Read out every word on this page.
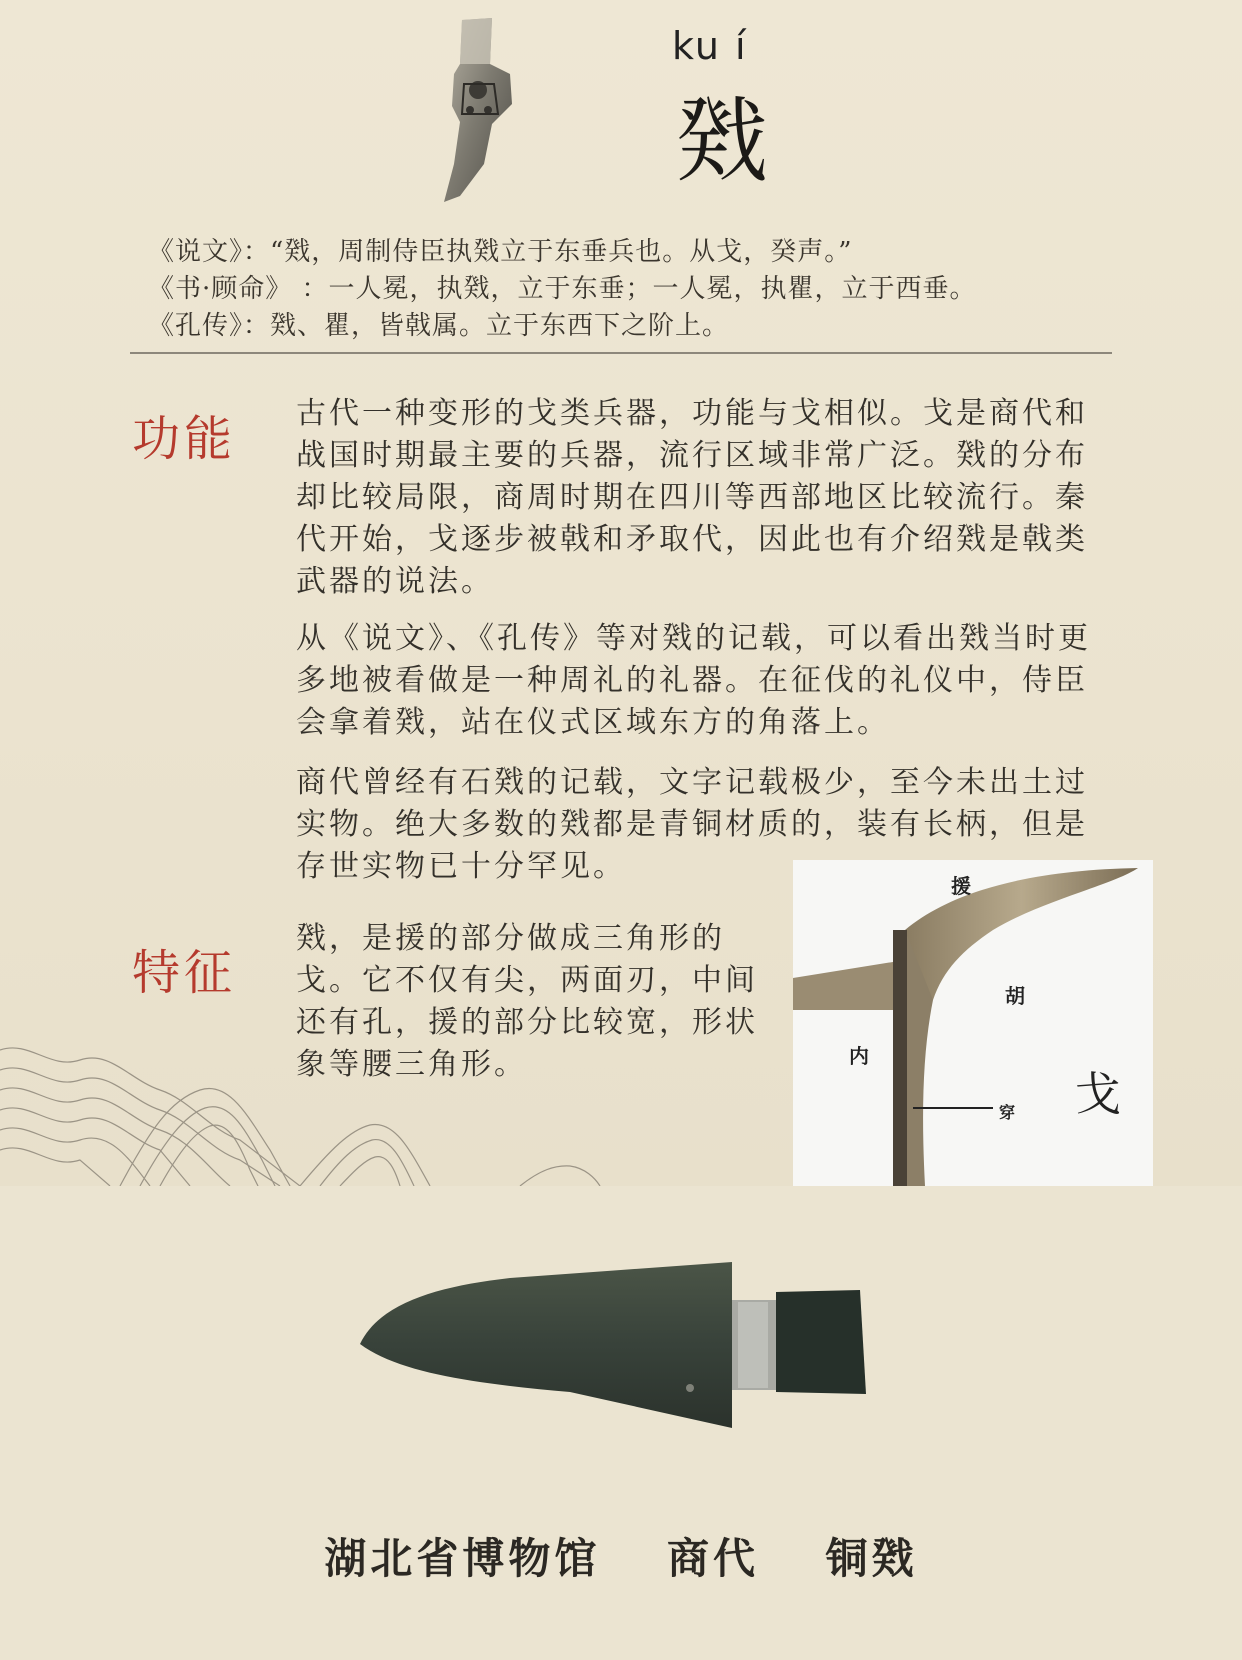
ku í
戣
《说文》：“戣，周制侍臣执戣立于东垂兵也。从戈，癸声。”
《书·顾命》 ：一人冕，执戣，立于东垂；一人冕，执瞿，立于西垂。
《孔传》：戣、瞿，皆戟属。立于东西下之阶上。
功能 古代一种变形的戈类兵器，功能与戈相似。戈是商代和战国时期最主要的兵器，流行区域非常广泛。戣的分布却比较局限，商周时期在四川等西部地区比较流行。秦代开始，戈逐步被戟和矛取代，因此也有介绍戣是戟类武器的说法。

从《说文》、《孔传》等对戣的记载，可以看出戣当时更多地被看做是一种周礼的礼器。在征伐的礼仪中，侍臣会拿着戣，站在仪式区域东方的角落上。

商代曾经有石戣的记载，文字记载极少，至今未出土过实物。绝大多数的戣都是青铜材质的，装有长柄，但是存世实物已十分罕见。

特征

戣，是援的部分做成三角形的戈。它不仅有尖，两面刃，中间还有孔，援的部分比较宽，形状象等腰三角形。

援
胡
内
穿 戈
湖北省博物馆 商代 铜戣
